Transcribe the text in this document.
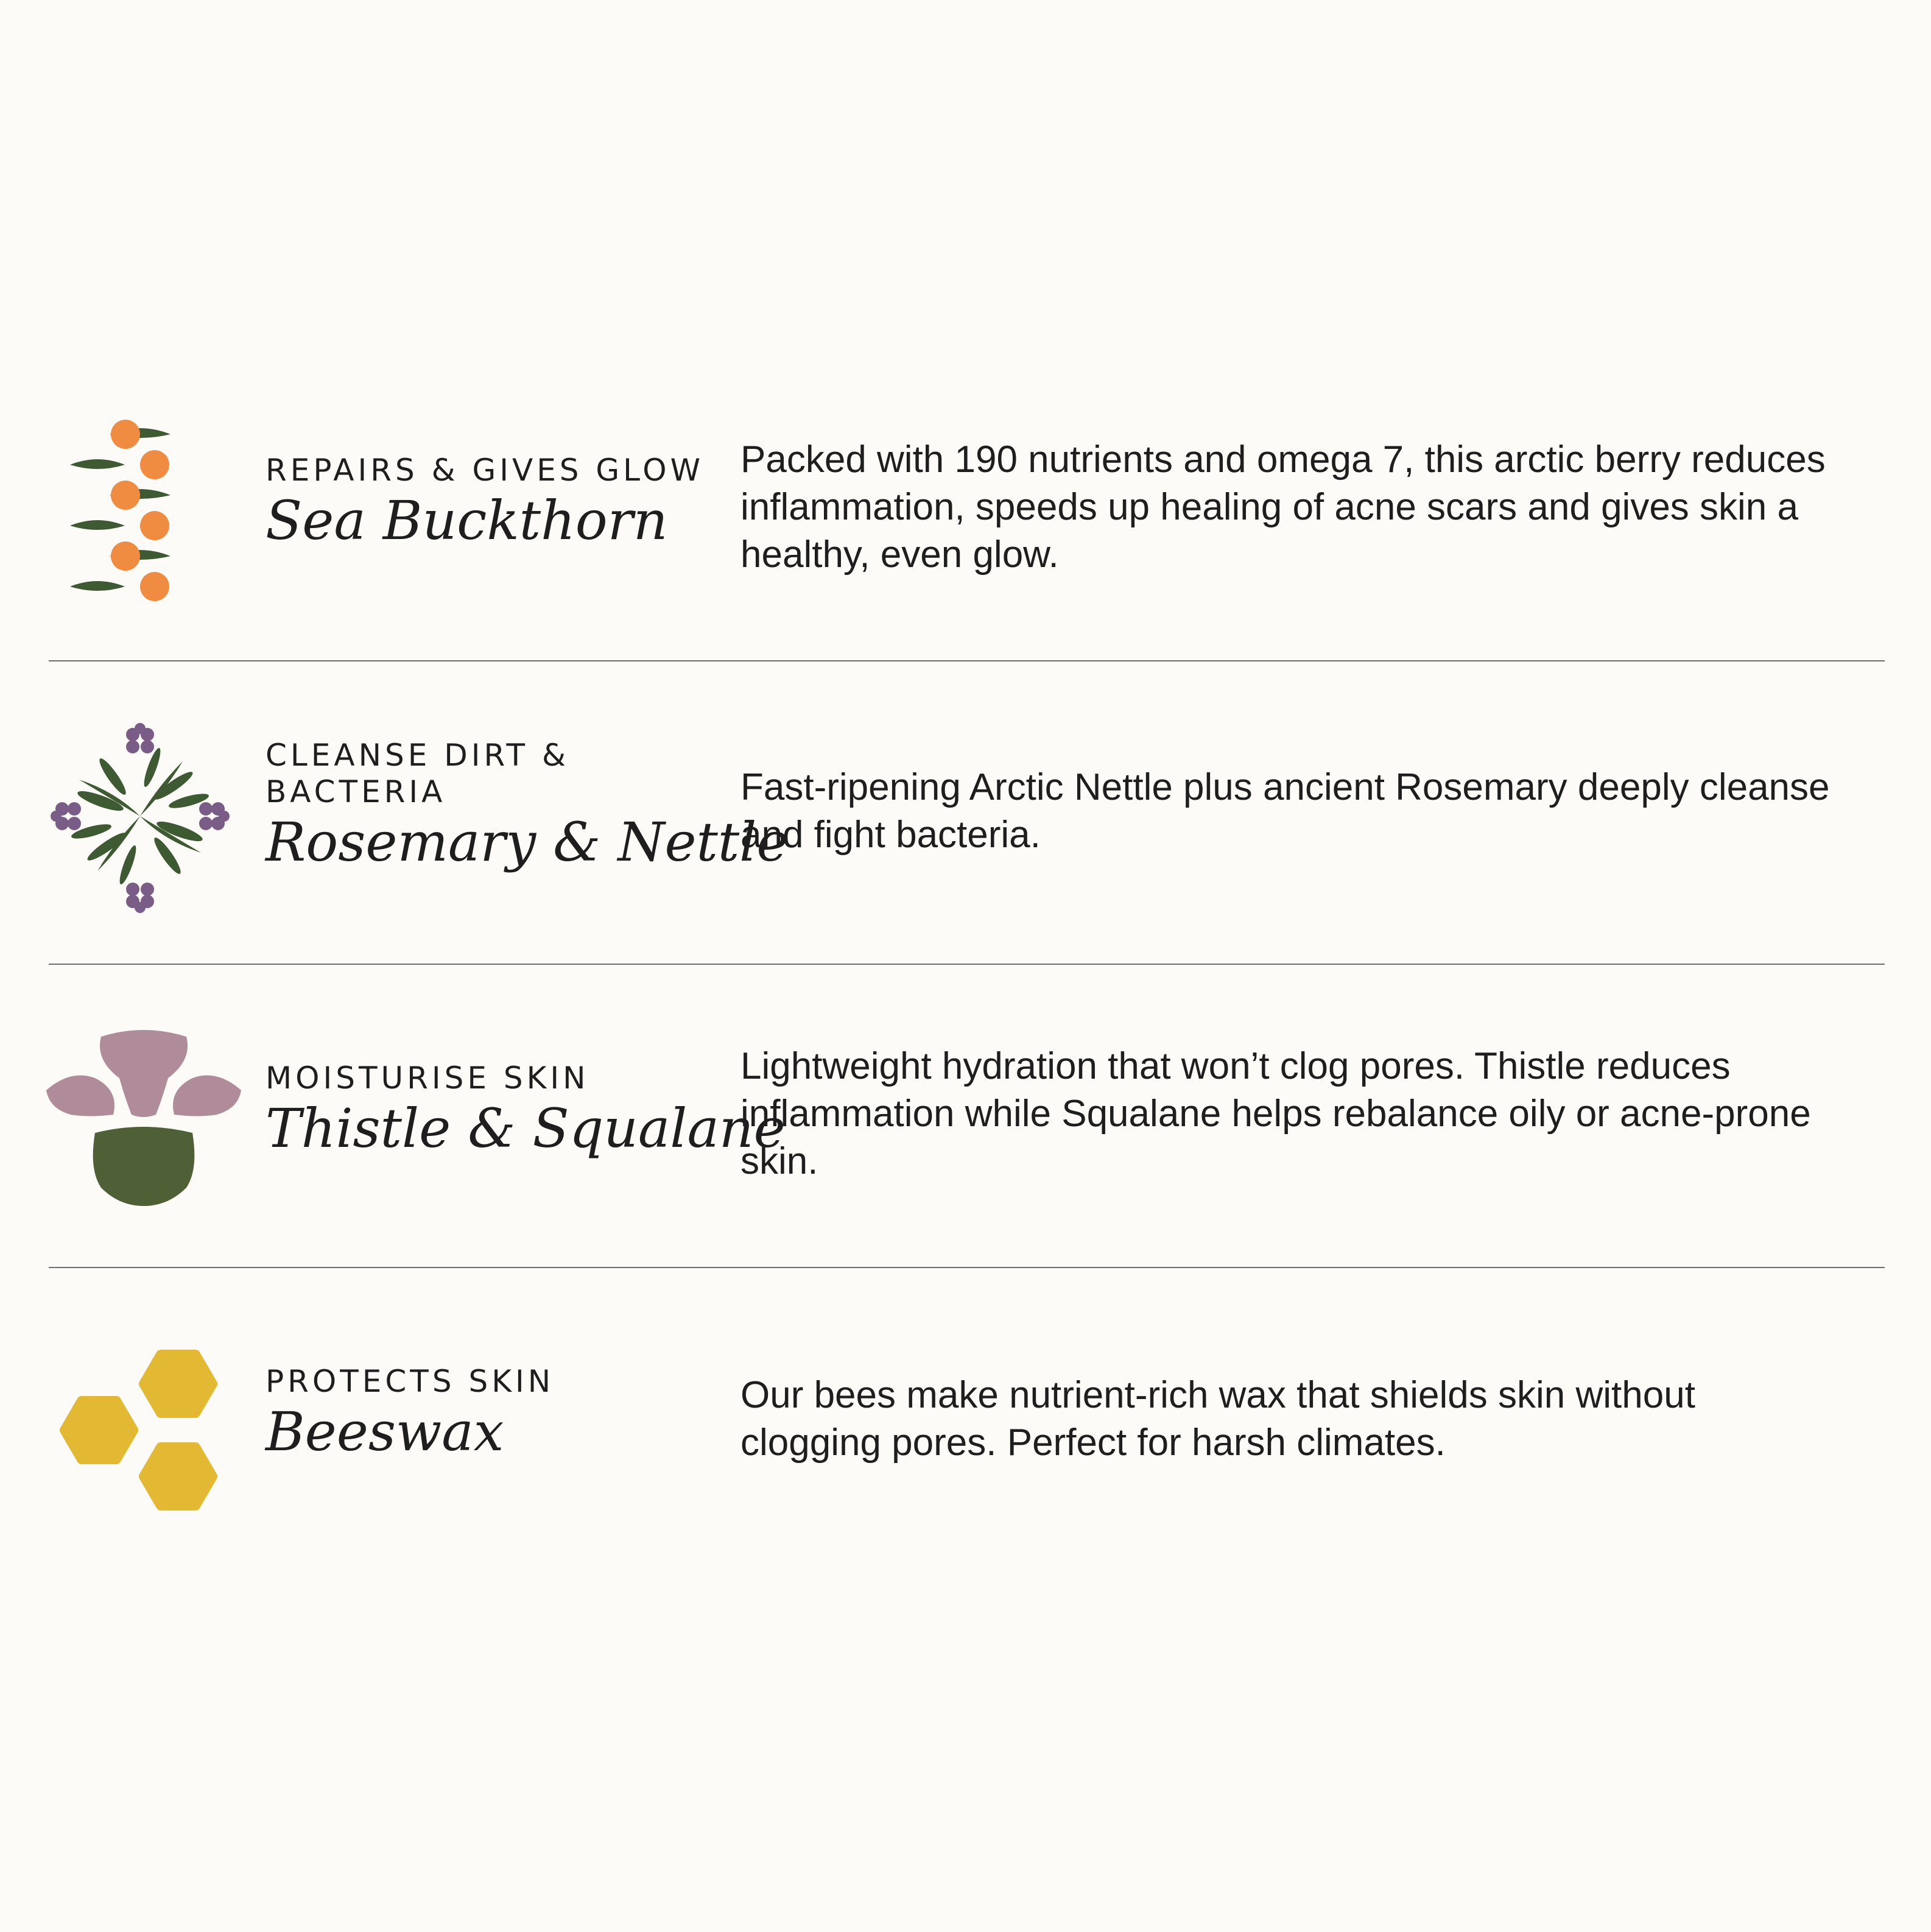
REPAIRS & GIVES GLOW
Sea Buckthorn
Packed with 190 nutrients and omega 7, this arctic berry reduces inflammation, speeds up healing of acne scars and gives skin a healthy, even glow.
CLEANSE DIRT & BACTERIA
Rosemary & Nettle
Fast-ripening Arctic Nettle plus ancient Rosemary deeply cleanse and fight bacteria.
MOISTURISE SKIN
Thistle & Squalane
Lightweight hydration that won’t clog pores. Thistle reduces inflammation while Squalane helps rebalance oily or acne-prone skin.
PROTECTS SKIN
Beeswax
Our bees make nutrient-rich wax that shields skin without clogging pores. Perfect for harsh climates.
